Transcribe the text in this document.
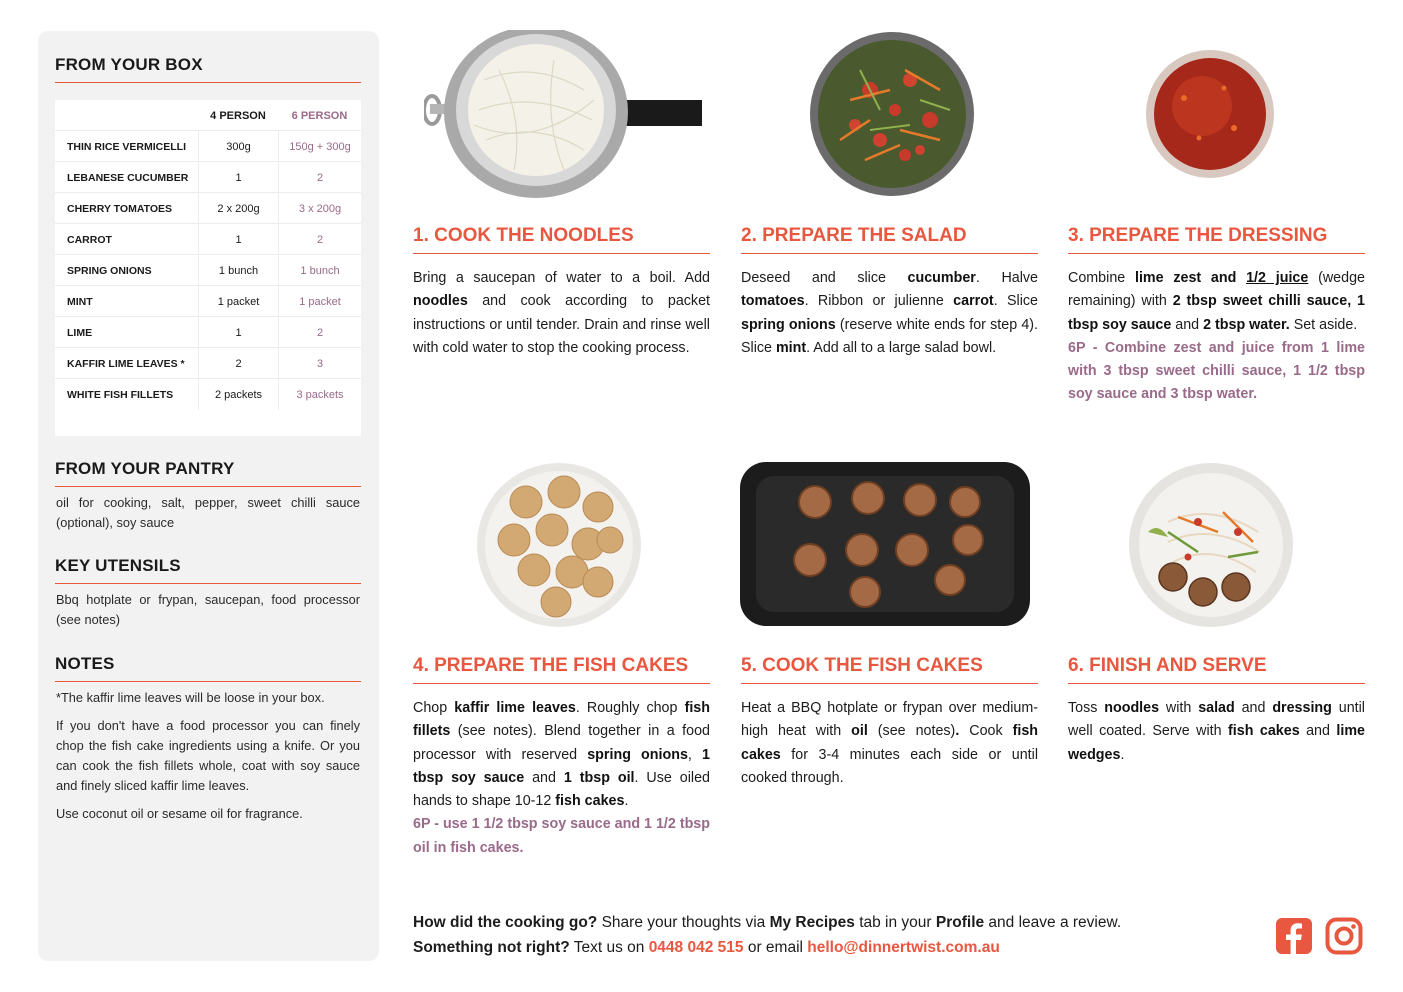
FROM YOUR BOX
4 PERSON	6 PERSON
THIN RICE VERMICELLI	300g	150g + 300g
LEBANESE CUCUMBER	1	2
CHERRY TOMATOES	2 x 200g	3 x 200g
CARROT	1	2
SPRING ONIONS	1 bunch	1 bunch
MINT	1 packet	1 packet
LIME	1	2
KAFFIR LIME LEAVES *	2	3
WHITE FISH FILLETS	2 packets	3 packets
FROM YOUR PANTRY
oil for cooking, salt, pepper, sweet chilli sauce (optional), soy sauce
KEY UTENSILS
Bbq hotplate or frypan, saucepan, food processor (see notes)
NOTES
*The kaffir lime leaves will be loose in your box.
If you don't have a food processor you can finely chop the fish cake ingredients using a knife. Or you can cook the fish fillets whole, coat with soy sauce and finely sliced kaffir lime leaves.
Use coconut oil or sesame oil for fragrance.
1. COOK THE NOODLES	2. PREPARE THE SALAD	3. PREPARE THE DRESSING
4. PREPARE THE FISH CAKES	5. COOK THE FISH CAKES	6. FINISH AND SERVE
Bring a saucepan of water to a boil. Add noodles and cook according to packet instructions or until tender. Drain and rinse well with cold water to stop the cooking process.
Deseed and slice cucumber. Halve tomatoes. Ribbon or julienne carrot. Slice spring onions (reserve white ends for step 4). Slice mint. Add all to a large salad bowl.
Combine lime zest and 1/2 juice (wedge remaining) with 2 tbsp sweet chilli sauce, 1 tbsp soy sauce and 2 tbsp water. Set aside.
6P - Combine zest and juice from 1 lime with 3 tbsp sweet chilli sauce, 1 1/2 tbsp soy sauce and 3 tbsp water.
Chop kaffir lime leaves. Roughly chop fish fillets (see notes). Blend together in a food processor with reserved spring onions, 1 tbsp soy sauce and 1 tbsp oil. Use oiled hands to shape 10-12 fish cakes.
6P - use 1 1/2 tbsp soy sauce and 1 1/2 tbsp oil in fish cakes.
Heat a BBQ hotplate or frypan over medium-high heat with oil (see notes). Cook fish cakes for 3-4 minutes each side or until cooked through.
Toss noodles with salad and dressing until well coated. Serve with fish cakes and lime wedges.
How did the cooking go? Share your thoughts via My Recipes tab in your Profile and leave a review.
Something not right? Text us on 0448 042 515 or email hello@dinnertwist.com.au
